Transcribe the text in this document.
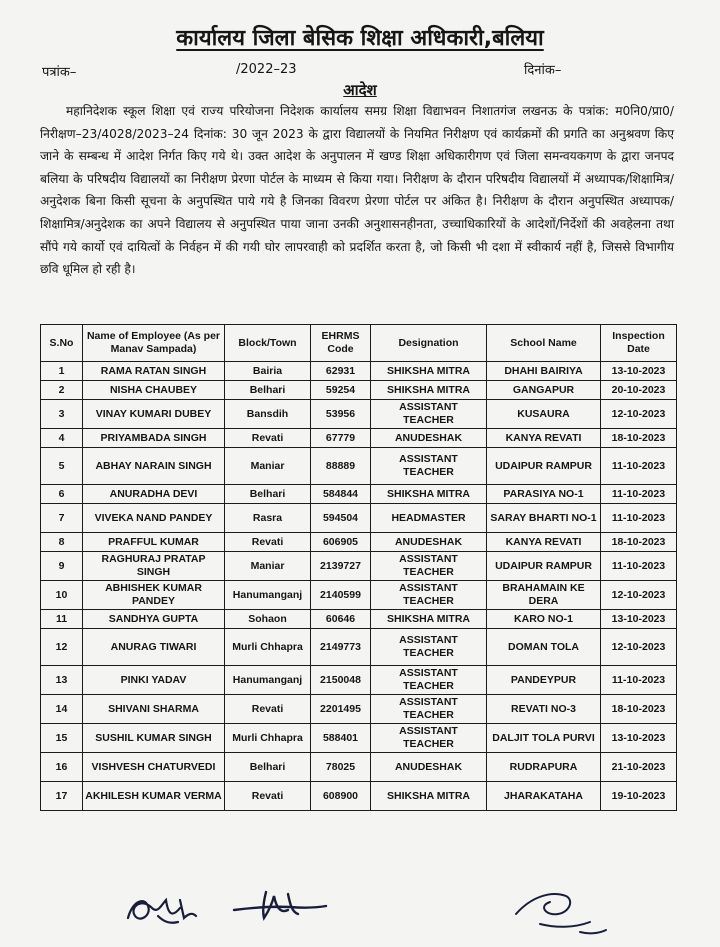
कार्यालय जिला बेसिक शिक्षा अधिकारी,बलिया
पत्रांक–	/2022–23	दिनांक–
आदेश
महानिदेशक स्कूल शिक्षा एवं राज्य परियोजना निदेशक कार्यालय समग्र शिक्षा विद्याभवन निशातगंज लखनऊ के पत्रांक: म0नि0/प्रा0/निरीक्षण–23/4028/2023–24 दिनांक: 30 जून 2023 के द्वारा विद्यालयों के नियमित निरीक्षण एवं कार्यक्रमों की प्रगति का अनुश्रवण किए जाने के सम्बन्ध में आदेश निर्गत किए गये थे। उक्त आदेश के अनुपालन में खण्ड शिक्षा अधिकारीगण एवं जिला समन्वयकगण के द्वारा जनपद बलिया के परिषदीय विद्यालयों का निरीक्षण प्रेरणा पोर्टल के माध्यम से किया गया। निरीक्षण के दौरान परिषदीय विद्यालयों में अध्यापक/शिक्षामित्र/अनुदेशक बिना किसी सूचना के अनुपस्थित पाये गये है जिनका विवरण प्रेरणा पोर्टल पर अंकित है। निरीक्षण के दौरान अनुपस्थित अध्यापक/शिक्षामित्र/अनुदेशक का अपने विद्यालय से अनुपस्थित पाया जाना उनकी अनुशासनहीनता, उच्चाधिकारियों के आदेशों/निर्देशों की अवहेलना तथा सौंपे गये कार्यो एवं दायित्वों के निर्वहन में की गयी घोर लापरवाही को प्रदर्शित करता है, जो किसी भी दशा में स्वीकार्य नहीं है, जिससे विभागीय छवि धूमिल हो रही है।
S.No	Name of Employee (As per Manav Sampada)	Block/Town	EHRMS Code	Designation	School Name	Inspection Date
1	RAMA RATAN SINGH	Bairia	62931	SHIKSHA MITRA	DHAHI BAIRIYA	13-10-2023
2	NISHA CHAUBEY	Belhari	59254	SHIKSHA MITRA	GANGAPUR	20-10-2023
3	VINAY KUMARI DUBEY	Bansdih	53956	ASSISTANT TEACHER	KUSAURA	12-10-2023
4	PRIYAMBADA SINGH	Revati	67779	ANUDESHAK	KANYA REVATI	18-10-2023
5	ABHAY NARAIN SINGH	Maniar	88889	ASSISTANT TEACHER	UDAIPUR RAMPUR	11-10-2023
6	ANURADHA DEVI	Belhari	584844	SHIKSHA MITRA	PARASIYA NO-1	11-10-2023
7	VIVEKA NAND PANDEY	Rasra	594504	HEADMASTER	SARAY BHARTI NO-1	11-10-2023
8	PRAFFUL KUMAR	Revati	606905	ANUDESHAK	KANYA REVATI	18-10-2023
9	RAGHURAJ PRATAP SINGH	Maniar	2139727	ASSISTANT TEACHER	UDAIPUR RAMPUR	11-10-2023
10	ABHISHEK KUMAR PANDEY	Hanumanganj	2140599	ASSISTANT TEACHER	BRAHAMAIN KE DERA	12-10-2023
11	SANDHYA GUPTA	Sohaon	60646	SHIKSHA MITRA	KARO NO-1	13-10-2023
12	ANURAG TIWARI	Murli Chhapra	2149773	ASSISTANT TEACHER	DOMAN TOLA	12-10-2023
13	PINKI YADAV	Hanumanganj	2150048	ASSISTANT TEACHER	PANDEYPUR	11-10-2023
14	SHIVANI SHARMA	Revati	2201495	ASSISTANT TEACHER	REVATI NO-3	18-10-2023
15	SUSHIL KUMAR SINGH	Murli Chhapra	588401	ASSISTANT TEACHER	DALJIT TOLA PURVI	13-10-2023
16	VISHVESH CHATURVEDI	Belhari	78025	ANUDESHAK	RUDRAPURA	21-10-2023
17	AKHILESH KUMAR VERMA	Revati	608900	SHIKSHA MITRA	JHARAKATAHA	19-10-2023
